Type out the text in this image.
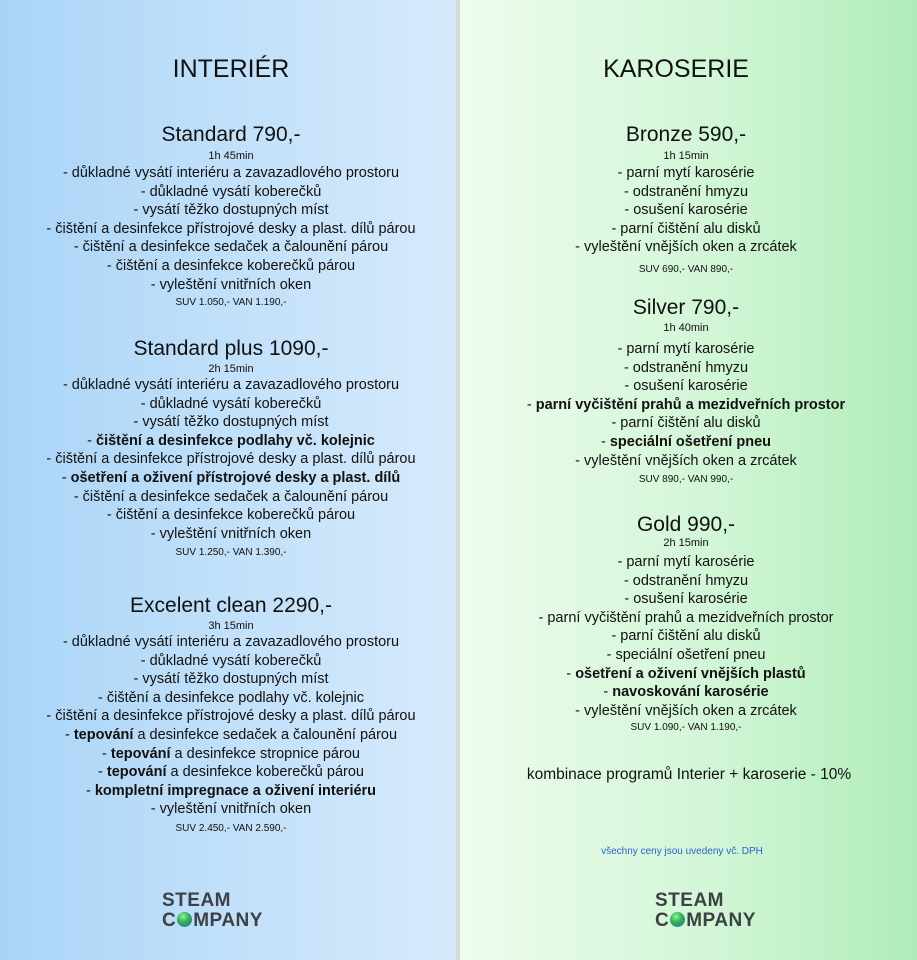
INTERIÉR	KAROSERIE
Standard 790,-
1h 45min
- důkladné vysátí interiéru a zavazadlového prostoru
- důkladné vysátí koberečků
- vysátí těžko dostupných míst
- čištění a desinfekce přístrojové desky a plast. dílů párou
- čištění a desinfekce sedaček a čalounění párou
- čištění a desinfekce koberečků párou
- vyleštění vnitřních oken
SUV 1.050,- VAN 1.190,-
Standard plus 1090,-
2h 15min
- důkladné vysátí interiéru a zavazadlového prostoru
- důkladné vysátí koberečků
- vysátí těžko dostupných míst
- čištění a desinfekce podlahy vč. kolejnic
- čištění a desinfekce přístrojové desky a plast. dílů párou
- ošetření a oživení přístrojové desky a plast. dílů
- čištění a desinfekce sedaček a čalounění párou
- čištění a desinfekce koberečků párou
- vyleštění vnitřních oken
SUV 1.250,- VAN 1.390,-
Excelent clean 2290,-
3h 15min
- důkladné vysátí interiéru a zavazadlového prostoru
- důkladné vysátí koberečků
- vysátí těžko dostupných míst
- čištění a desinfekce podlahy vč. kolejnic
- čištění a desinfekce přístrojové desky a plast. dílů párou
- tepování a desinfekce sedaček a čalounění párou
- tepování a desinfekce stropnice párou
- tepování a desinfekce koberečků párou
- kompletní impregnace a oživení interiéru
- vyleštění vnitřních oken
SUV 2.450,- VAN 2.590,-
Bronze 590,-
1h 15min
- parní mytí karosérie
- odstranění hmyzu
- osušení karosérie
- parní čištění alu disků
- vyleštění vnějších oken a zrcátek
SUV 690,- VAN 890,-
Silver 790,-
1h 40min
- parní mytí karosérie
- odstranění hmyzu
- osušení karosérie
- parní vyčištění prahů a mezidveřních prostor
- parní čištění alu disků
- speciální ošetření pneu
- vyleštění vnějších oken a zrcátek
SUV 890,- VAN 990,-
Gold 990,-
2h 15min
- parní mytí karosérie
- odstranění hmyzu
- osušení karosérie
- parní vyčištění prahů a mezidveřních prostor
- parní čištění alu disků
- speciální ošetření pneu
- ošetření a oživení vnějších plastů
- navoskování karosérie
- vyleštění vnějších oken a zrcátek
SUV 1.090,- VAN 1.190,-
kombinace programů Interier + karoserie - 10%
všechny ceny jsou uvedeny vč. DPH
STEAM
C MPANY
STEAM
C MPANY
